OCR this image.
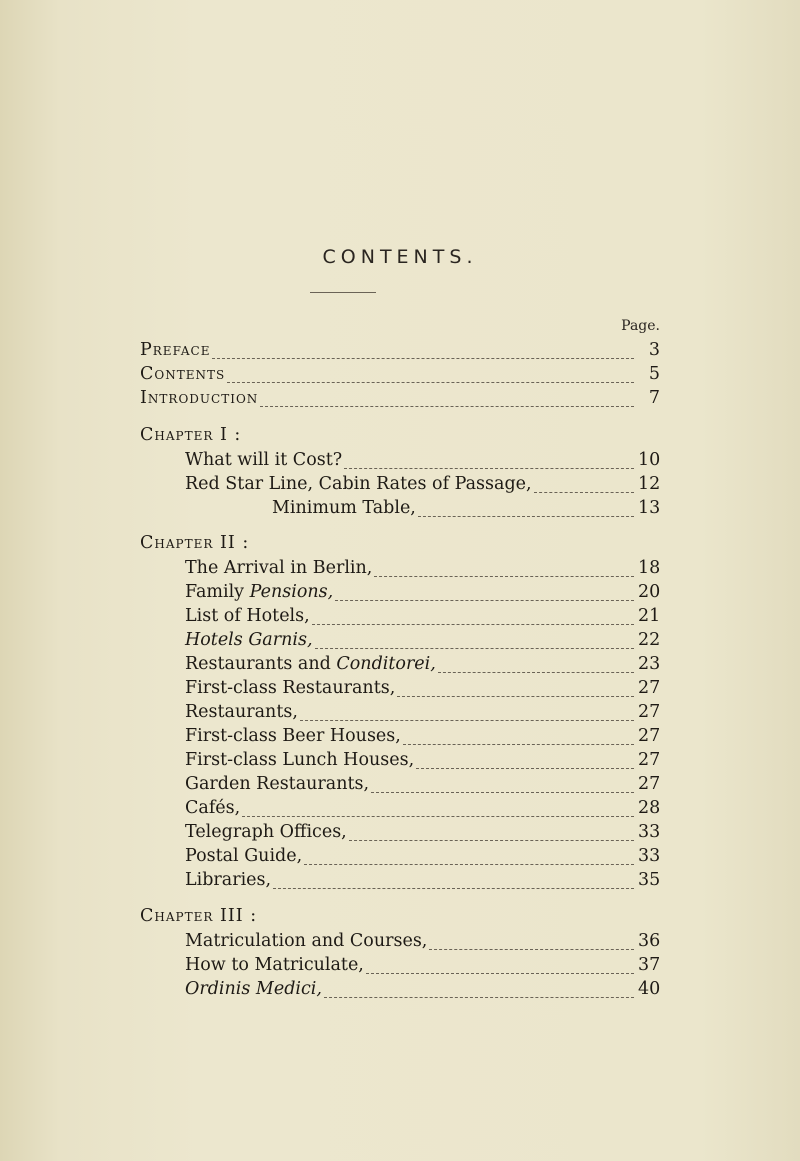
CONTENTS.
Page.
Preface	3
Contents	5
Introduction	7
Chapter I :
What will it Cost?	10
Red Star Line, Cabin Rates of Passage,	12
Minimum Table,	13
Chapter II :
The Arrival in Berlin,	18
Family Pensions,	20
List of Hotels,	21
Hotels Garnis,	22
Restaurants and Conditorei,	23
First-class Restaurants,	27
Restaurants,	27
First-class Beer Houses,	27
First-class Lunch Houses,	27
Garden Restaurants,	27
Cafés,	28
Telegraph Offices,	33
Postal Guide,	33
Libraries,	35
Chapter III :
Matriculation and Courses,	36
How to Matriculate,	37
Ordinis Medici,	40
